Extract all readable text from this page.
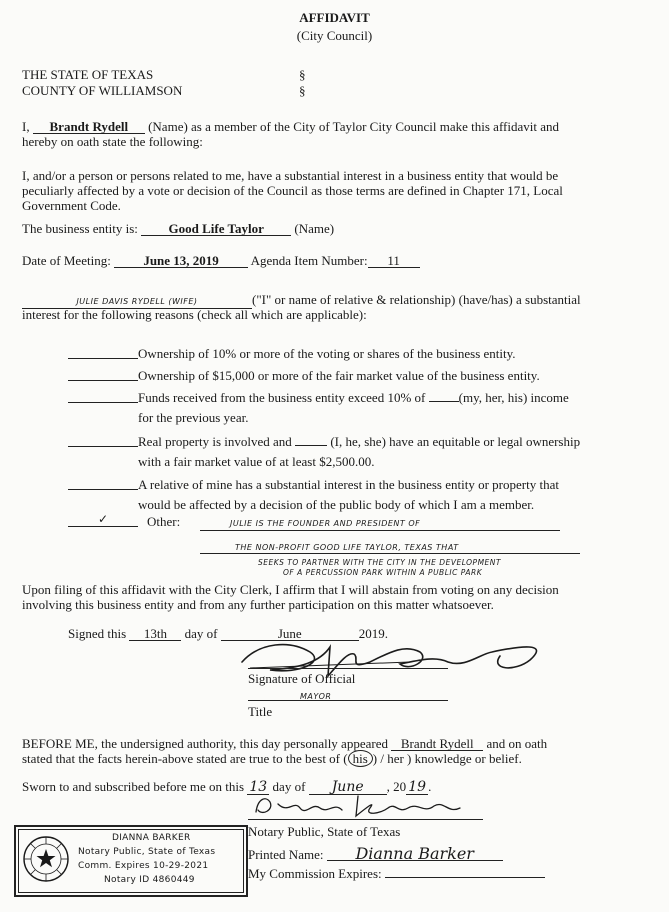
AFFIDAVIT
(City Council)
THE STATE OF TEXAS
COUNTY OF WILLIAMSON
§
§
I, Brandt Rydell (Name) as a member of the City of Taylor City Council make this affidavit and
hereby on oath state the following:
I, and/or a person or persons related to me, have a substantial interest in a business entity that would be
peculiarly affected by a vote or decision of the Council as those terms are defined in Chapter 171, Local
Government Code.
The business entity is: Good Life Taylor (Name)
Date of Meeting:	June 13, 2019 Agenda Item Number: 11
JULIE DAVIS RYDELL (WIFE)	("I" or name of relative & relationship) (have/has) a substantial
interest for the following reasons (check all which are applicable):
Ownership of 10% or more of the voting or shares of the business entity.
Ownership of $15,000 or more of the fair market value of the business entity.
Funds received from the business entity exceed 10% of	(my, her, his) income
for the previous year.
Real property is involved and	(I, he, she) have an equitable or legal ownership
with a fair market value of at least $2,500.00.
A relative of mine has a substantial interest in the business entity or property that
would be affected by a decision of the public body of which I am a member.
✓	Other:	JULIE IS THE FOUNDER AND PRESIDENT OF
THE NON-PROFIT GOOD LIFE TAYLOR, TEXAS THAT
SEEKS TO PARTNER WITH THE CITY IN THE DEVELOPMENT
OF A PERCUSSION PARK WITHIN A PUBLIC PARK
Upon filing of this affidavit with the City Clerk, I affirm that I will abstain from voting on any decision
involving this business entity and from any further participation on this matter whatsoever.
Signed this 13th day of	June	2019.
Signature of Official
MAYOR
Title
BEFORE ME, the undersigned authority, this day personally appeared Brandt Rydell and on oath
stated that the facts herein-above stated are true to the best of ( his ) / her ) knowledge or belief.
Sworn to and subscribed before me on this 13 day of June , 20 19 .
Notary Public, State of Texas
Printed Name: Dianna Barker
My Commission Expires:
DIANNA BARKER
Notary Public, State of Texas
Comm. Expires 10-29-2021
Notary ID 4860449
